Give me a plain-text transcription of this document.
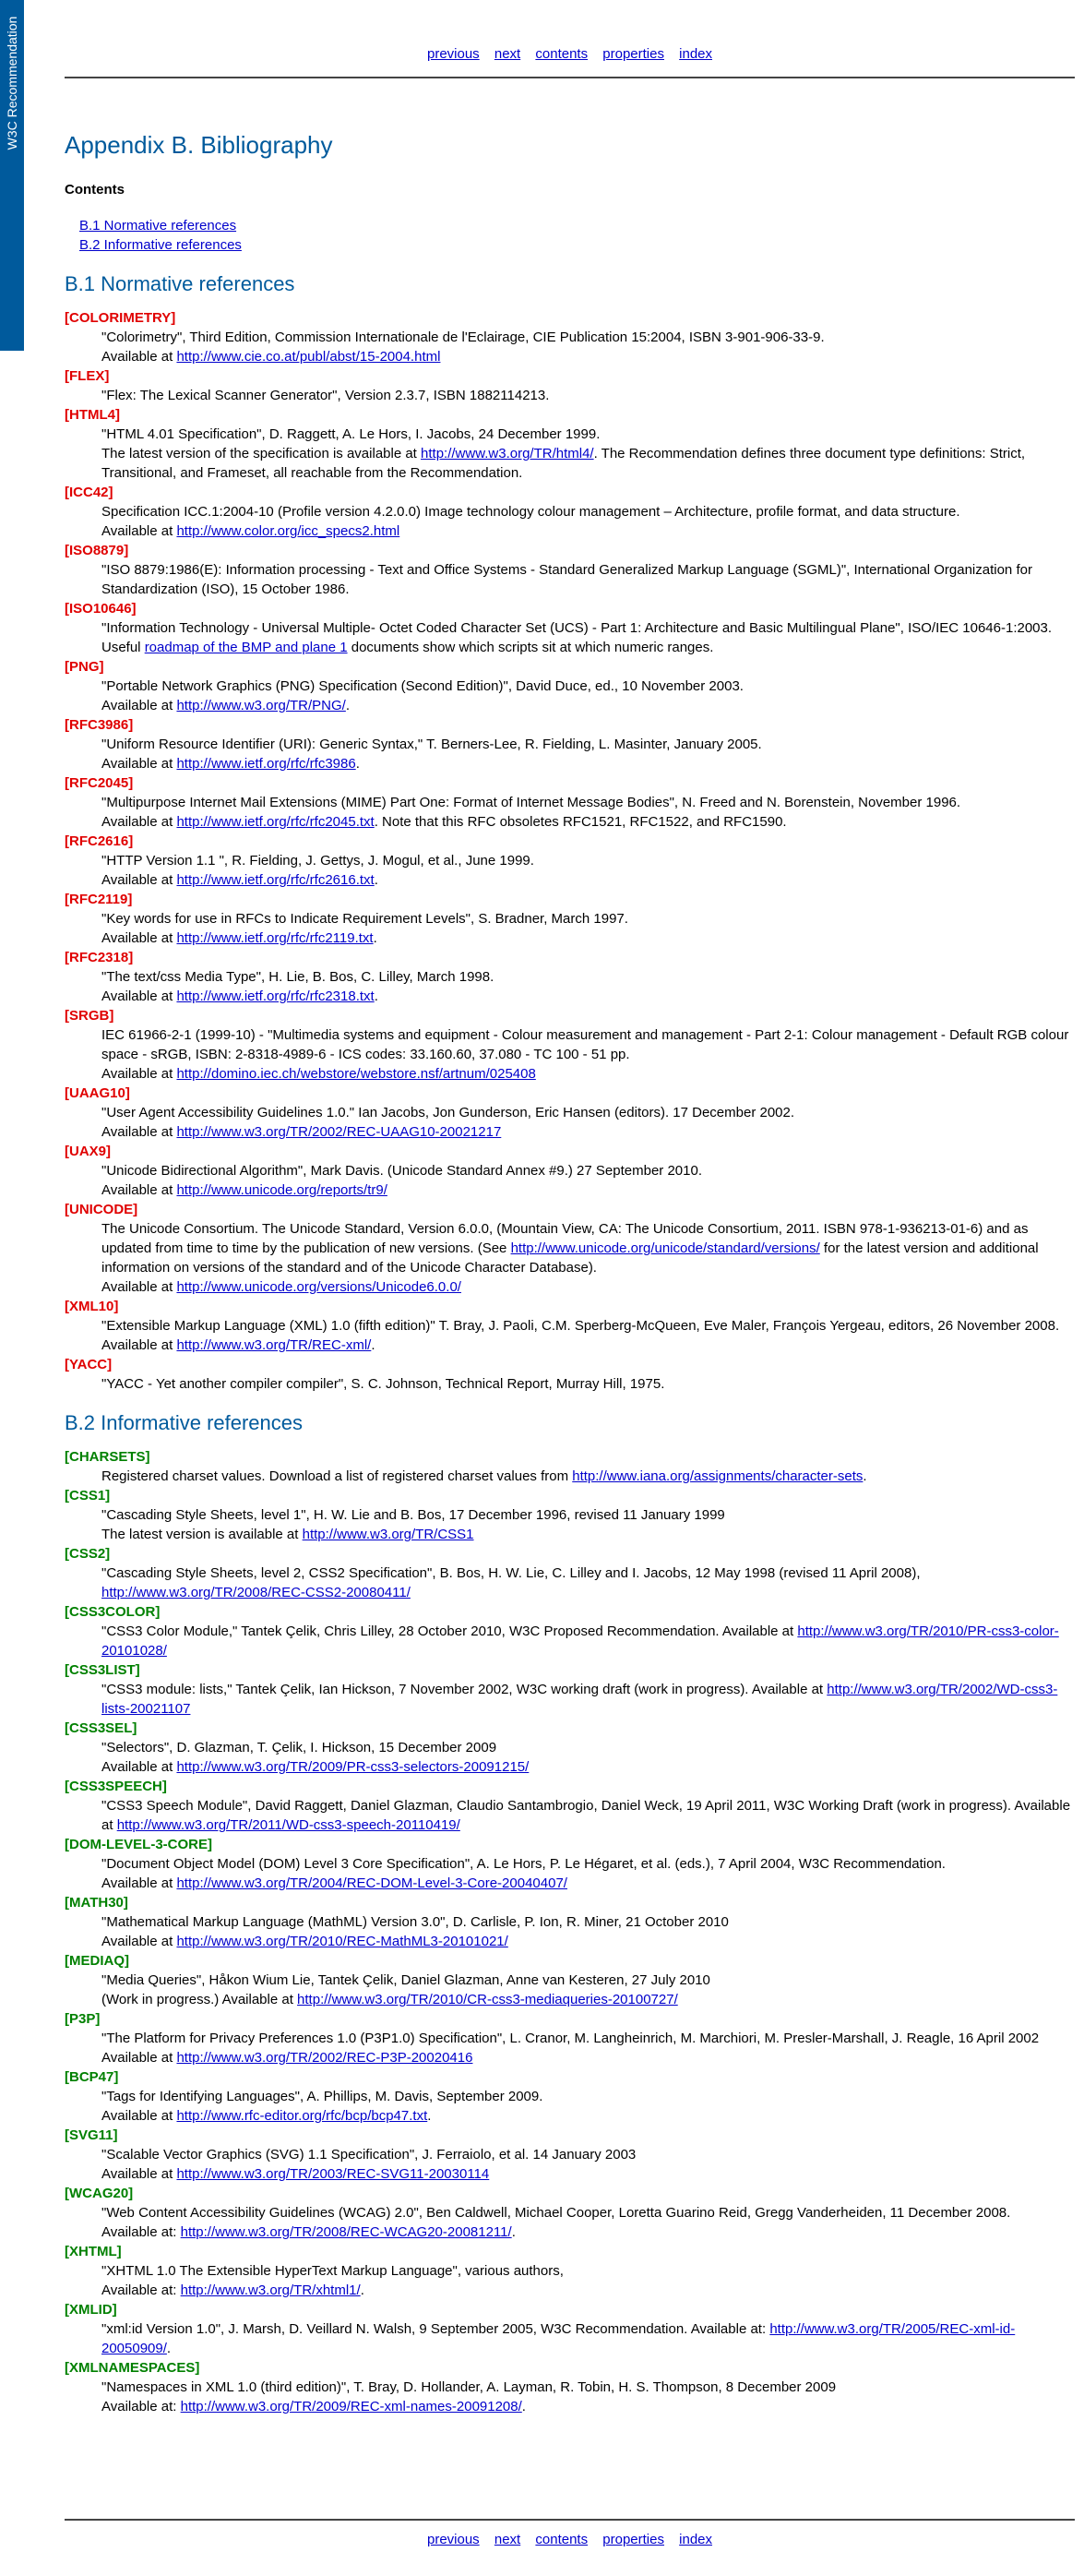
W3C Recommendation	previous next contents properties index
Appendix B. Bibliography
Contents
B.1 Normative references
B.2 Informative references
B.1 Normative references
[COLORIMETRY]
"Colorimetry", Third Edition, Commission Internationale de l'Eclairage, CIE Publication 15:2004, ISBN 3-901-906-33-9.
Available at http://www.cie.co.at/publ/abst/15-2004.html
[FLEX]
"Flex: The Lexical Scanner Generator", Version 2.3.7, ISBN 1882114213.
[HTML4]
"HTML 4.01 Specification", D. Raggett, A. Le Hors, I. Jacobs, 24 December 1999.
The latest version of the specification is available at http://www.w3.org/TR/html4/. The Recommendation defines three document type definitions: Strict, Transitional, and Frameset, all reachable from the Recommendation.
[ICC42]
Specification ICC.1:2004-10 (Profile version 4.2.0.0) Image technology colour management – Architecture, profile format, and data structure.
Available at http://www.color.org/icc_specs2.html
[ISO8879]
"ISO 8879:1986(E): Information processing - Text and Office Systems - Standard Generalized Markup Language (SGML)", International Organization for Standardization (ISO), 15 October 1986.
[ISO10646]
"Information Technology - Universal Multiple- Octet Coded Character Set (UCS) - Part 1: Architecture and Basic Multilingual Plane", ISO/IEC 10646-1:2003. Useful roadmap of the BMP and plane 1 documents show which scripts sit at which numeric ranges.
[PNG]
"Portable Network Graphics (PNG) Specification (Second Edition)", David Duce, ed., 10 November 2003.
Available at http://www.w3.org/TR/PNG/.
[RFC3986]
"Uniform Resource Identifier (URI): Generic Syntax," T. Berners-Lee, R. Fielding, L. Masinter, January 2005.
Available at http://www.ietf.org/rfc/rfc3986.
[RFC2045]
"Multipurpose Internet Mail Extensions (MIME) Part One: Format of Internet Message Bodies", N. Freed and N. Borenstein, November 1996.
Available at http://www.ietf.org/rfc/rfc2045.txt. Note that this RFC obsoletes RFC1521, RFC1522, and RFC1590.
[RFC2616]
"HTTP Version 1.1 ", R. Fielding, J. Gettys, J. Mogul, et al., June 1999.
Available at http://www.ietf.org/rfc/rfc2616.txt.
[RFC2119]
"Key words for use in RFCs to Indicate Requirement Levels", S. Bradner, March 1997.
Available at http://www.ietf.org/rfc/rfc2119.txt.
[RFC2318]
"The text/css Media Type", H. Lie, B. Bos, C. Lilley, March 1998.
Available at http://www.ietf.org/rfc/rfc2318.txt.
[SRGB]
IEC 61966-2-1 (1999-10) - "Multimedia systems and equipment - Colour measurement and management - Part 2-1: Colour management - Default RGB colour space - sRGB, ISBN: 2-8318-4989-6 - ICS codes: 33.160.60, 37.080 - TC 100 - 51 pp.
Available at http://domino.iec.ch/webstore/webstore.nsf/artnum/025408
[UAAG10]
"User Agent Accessibility Guidelines 1.0." Ian Jacobs, Jon Gunderson, Eric Hansen (editors). 17 December 2002.
Available at http://www.w3.org/TR/2002/REC-UAAG10-20021217
[UAX9]
"Unicode Bidirectional Algorithm", Mark Davis. (Unicode Standard Annex #9.) 27 September 2010.
Available at http://www.unicode.org/reports/tr9/
[UNICODE]
The Unicode Consortium. The Unicode Standard, Version 6.0.0, (Mountain View, CA: The Unicode Consortium, 2011. ISBN 978-1-936213-01-6) and as updated from time to time by the publication of new versions. (See http://www.unicode.org/unicode/standard/versions/ for the latest version and additional information on versions of the standard and of the Unicode Character Database).
Available at http://www.unicode.org/versions/Unicode6.0.0/
[XML10]
"Extensible Markup Language (XML) 1.0 (fifth edition)" T. Bray, J. Paoli, C.M. Sperberg-McQueen, Eve Maler, François Yergeau, editors, 26 November 2008.
Available at http://www.w3.org/TR/REC-xml/.
[YACC]
"YACC - Yet another compiler compiler", S. C. Johnson, Technical Report, Murray Hill, 1975.
B.2 Informative references
[CHARSETS]
Registered charset values. Download a list of registered charset values from http://www.iana.org/assignments/character-sets.
[CSS1]
"Cascading Style Sheets, level 1", H. W. Lie and B. Bos, 17 December 1996, revised 11 January 1999
The latest version is available at http://www.w3.org/TR/CSS1
[CSS2]
"Cascading Style Sheets, level 2, CSS2 Specification", B. Bos, H. W. Lie, C. Lilley and I. Jacobs, 12 May 1998 (revised 11 April 2008), http://www.w3.org/TR/2008/REC-CSS2-20080411/
[CSS3COLOR]
"CSS3 Color Module," Tantek Çelik, Chris Lilley, 28 October 2010, W3C Proposed Recommendation. Available at http://www.w3.org/TR/2010/PR-css3-color-20101028/
[CSS3LIST]
"CSS3 module: lists," Tantek Çelik, Ian Hickson, 7 November 2002, W3C working draft (work in progress). Available at http://www.w3.org/TR/2002/WD-css3-lists-20021107
[CSS3SEL]
"Selectors", D. Glazman, T. Çelik, I. Hickson, 15 December 2009
Available at http://www.w3.org/TR/2009/PR-css3-selectors-20091215/
[CSS3SPEECH]
"CSS3 Speech Module", David Raggett, Daniel Glazman, Claudio Santambrogio, Daniel Weck, 19 April 2011, W3C Working Draft (work in progress). Available at http://www.w3.org/TR/2011/WD-css3-speech-20110419/
[DOM-LEVEL-3-CORE]
"Document Object Model (DOM) Level 3 Core Specification", A. Le Hors, P. Le Hégaret, et al. (eds.), 7 April 2004, W3C Recommendation.
Available at http://www.w3.org/TR/2004/REC-DOM-Level-3-Core-20040407/
[MATH30]
"Mathematical Markup Language (MathML) Version 3.0", D. Carlisle, P. Ion, R. Miner, 21 October 2010
Available at http://www.w3.org/TR/2010/REC-MathML3-20101021/
[MEDIAQ]
"Media Queries", Håkon Wium Lie, Tantek Çelik, Daniel Glazman, Anne van Kesteren, 27 July 2010
(Work in progress.) Available at http://www.w3.org/TR/2010/CR-css3-mediaqueries-20100727/
[P3P]
"The Platform for Privacy Preferences 1.0 (P3P1.0) Specification", L. Cranor, M. Langheinrich, M. Marchiori, M. Presler-Marshall, J. Reagle, 16 April 2002
Available at http://www.w3.org/TR/2002/REC-P3P-20020416
[BCP47]
"Tags for Identifying Languages", A. Phillips, M. Davis, September 2009.
Available at http://www.rfc-editor.org/rfc/bcp/bcp47.txt.
[SVG11]
"Scalable Vector Graphics (SVG) 1.1 Specification", J. Ferraiolo, et al. 14 January 2003
Available at http://www.w3.org/TR/2003/REC-SVG11-20030114
[WCAG20]
"Web Content Accessibility Guidelines (WCAG) 2.0", Ben Caldwell, Michael Cooper, Loretta Guarino Reid, Gregg Vanderheiden, 11 December 2008.
Available at: http://www.w3.org/TR/2008/REC-WCAG20-20081211/.
[XHTML]
"XHTML 1.0 The Extensible HyperText Markup Language", various authors,
Available at: http://www.w3.org/TR/xhtml1/.
[XMLID]
"xml:id Version 1.0", J. Marsh, D. Veillard N. Walsh, 9 September 2005, W3C Recommendation. Available at: http://www.w3.org/TR/2005/REC-xml-id-20050909/.
[XMLNAMESPACES]
"Namespaces in XML 1.0 (third edition)", T. Bray, D. Hollander, A. Layman, R. Tobin, H. S. Thompson, 8 December 2009
Available at: http://www.w3.org/TR/2009/REC-xml-names-20091208/.
previous next contents properties index
